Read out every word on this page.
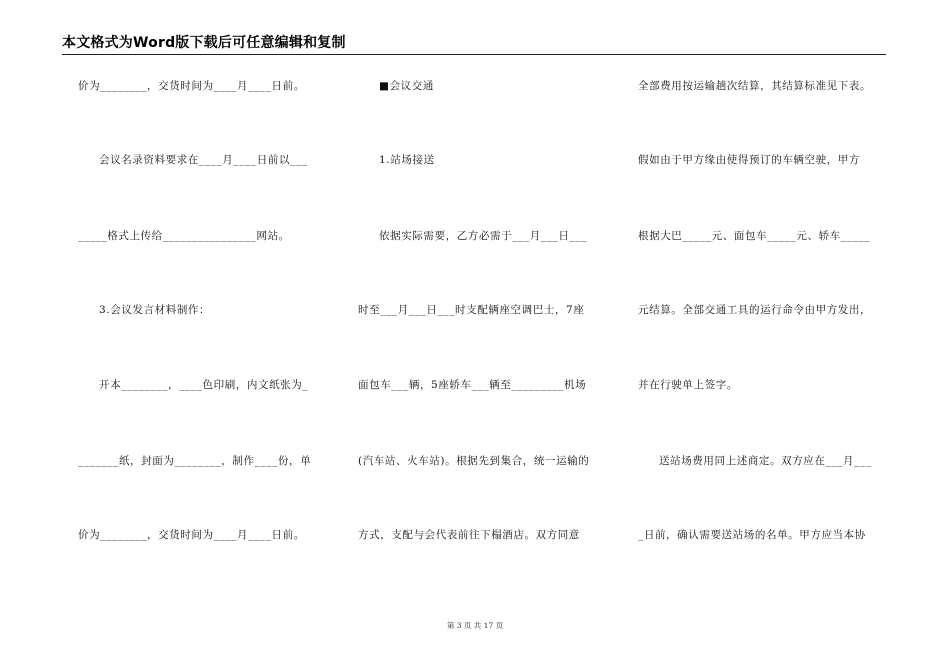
本文格式为Word版下载后可任意编辑和复制
价为________，交货时间为____月____日前。
会议名录资料要求在____月____日前以___
_____格式上传给________________网站。
3.会议发言材料制作：
开本________，____色印刷，内文纸张为_
_______纸，封面为________，制作____份，单
价为________，交货时间为____月____日前。
■会议交通
1.站场接送
依据实际需要，乙方必需于___月___日___
时至___月___日___时支配辆座空调巴士，7座
面包车___辆，5座轿车___辆至_________机场
(汽车站、火车站)。根据先到集合，统一运输的
方式，支配与会代表前往下榻酒店。双方同意
全部费用按运输趟次结算，其结算标准见下表。
假如由于甲方缘由使得预订的车辆空驶，甲方
根据大巴_____元、面包车_____元、轿车_____
元结算。全部交通工具的运行命令由甲方发出，
并在行驶单上签字。
送站场费用同上述商定。双方应在___月___
_日前，确认需要送站场的名单。甲方应当本协
第 3 页 共 17 页
